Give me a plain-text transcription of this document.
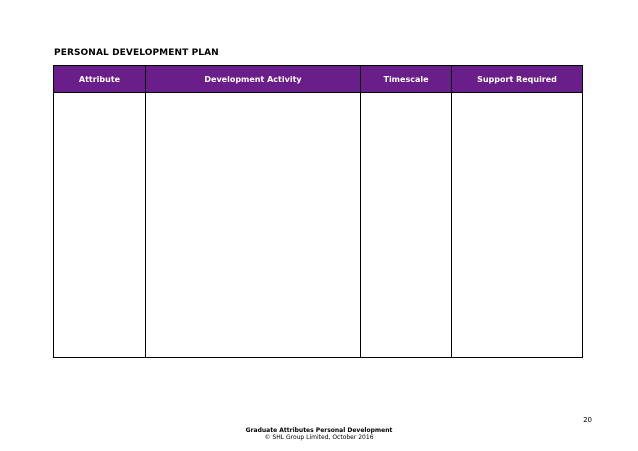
PERSONAL DEVELOPMENT PLAN
Attribute	Development Activity	Timescale	Support Required

20
Graduate Attributes Personal Development
© SHL Group Limited, October 2016
